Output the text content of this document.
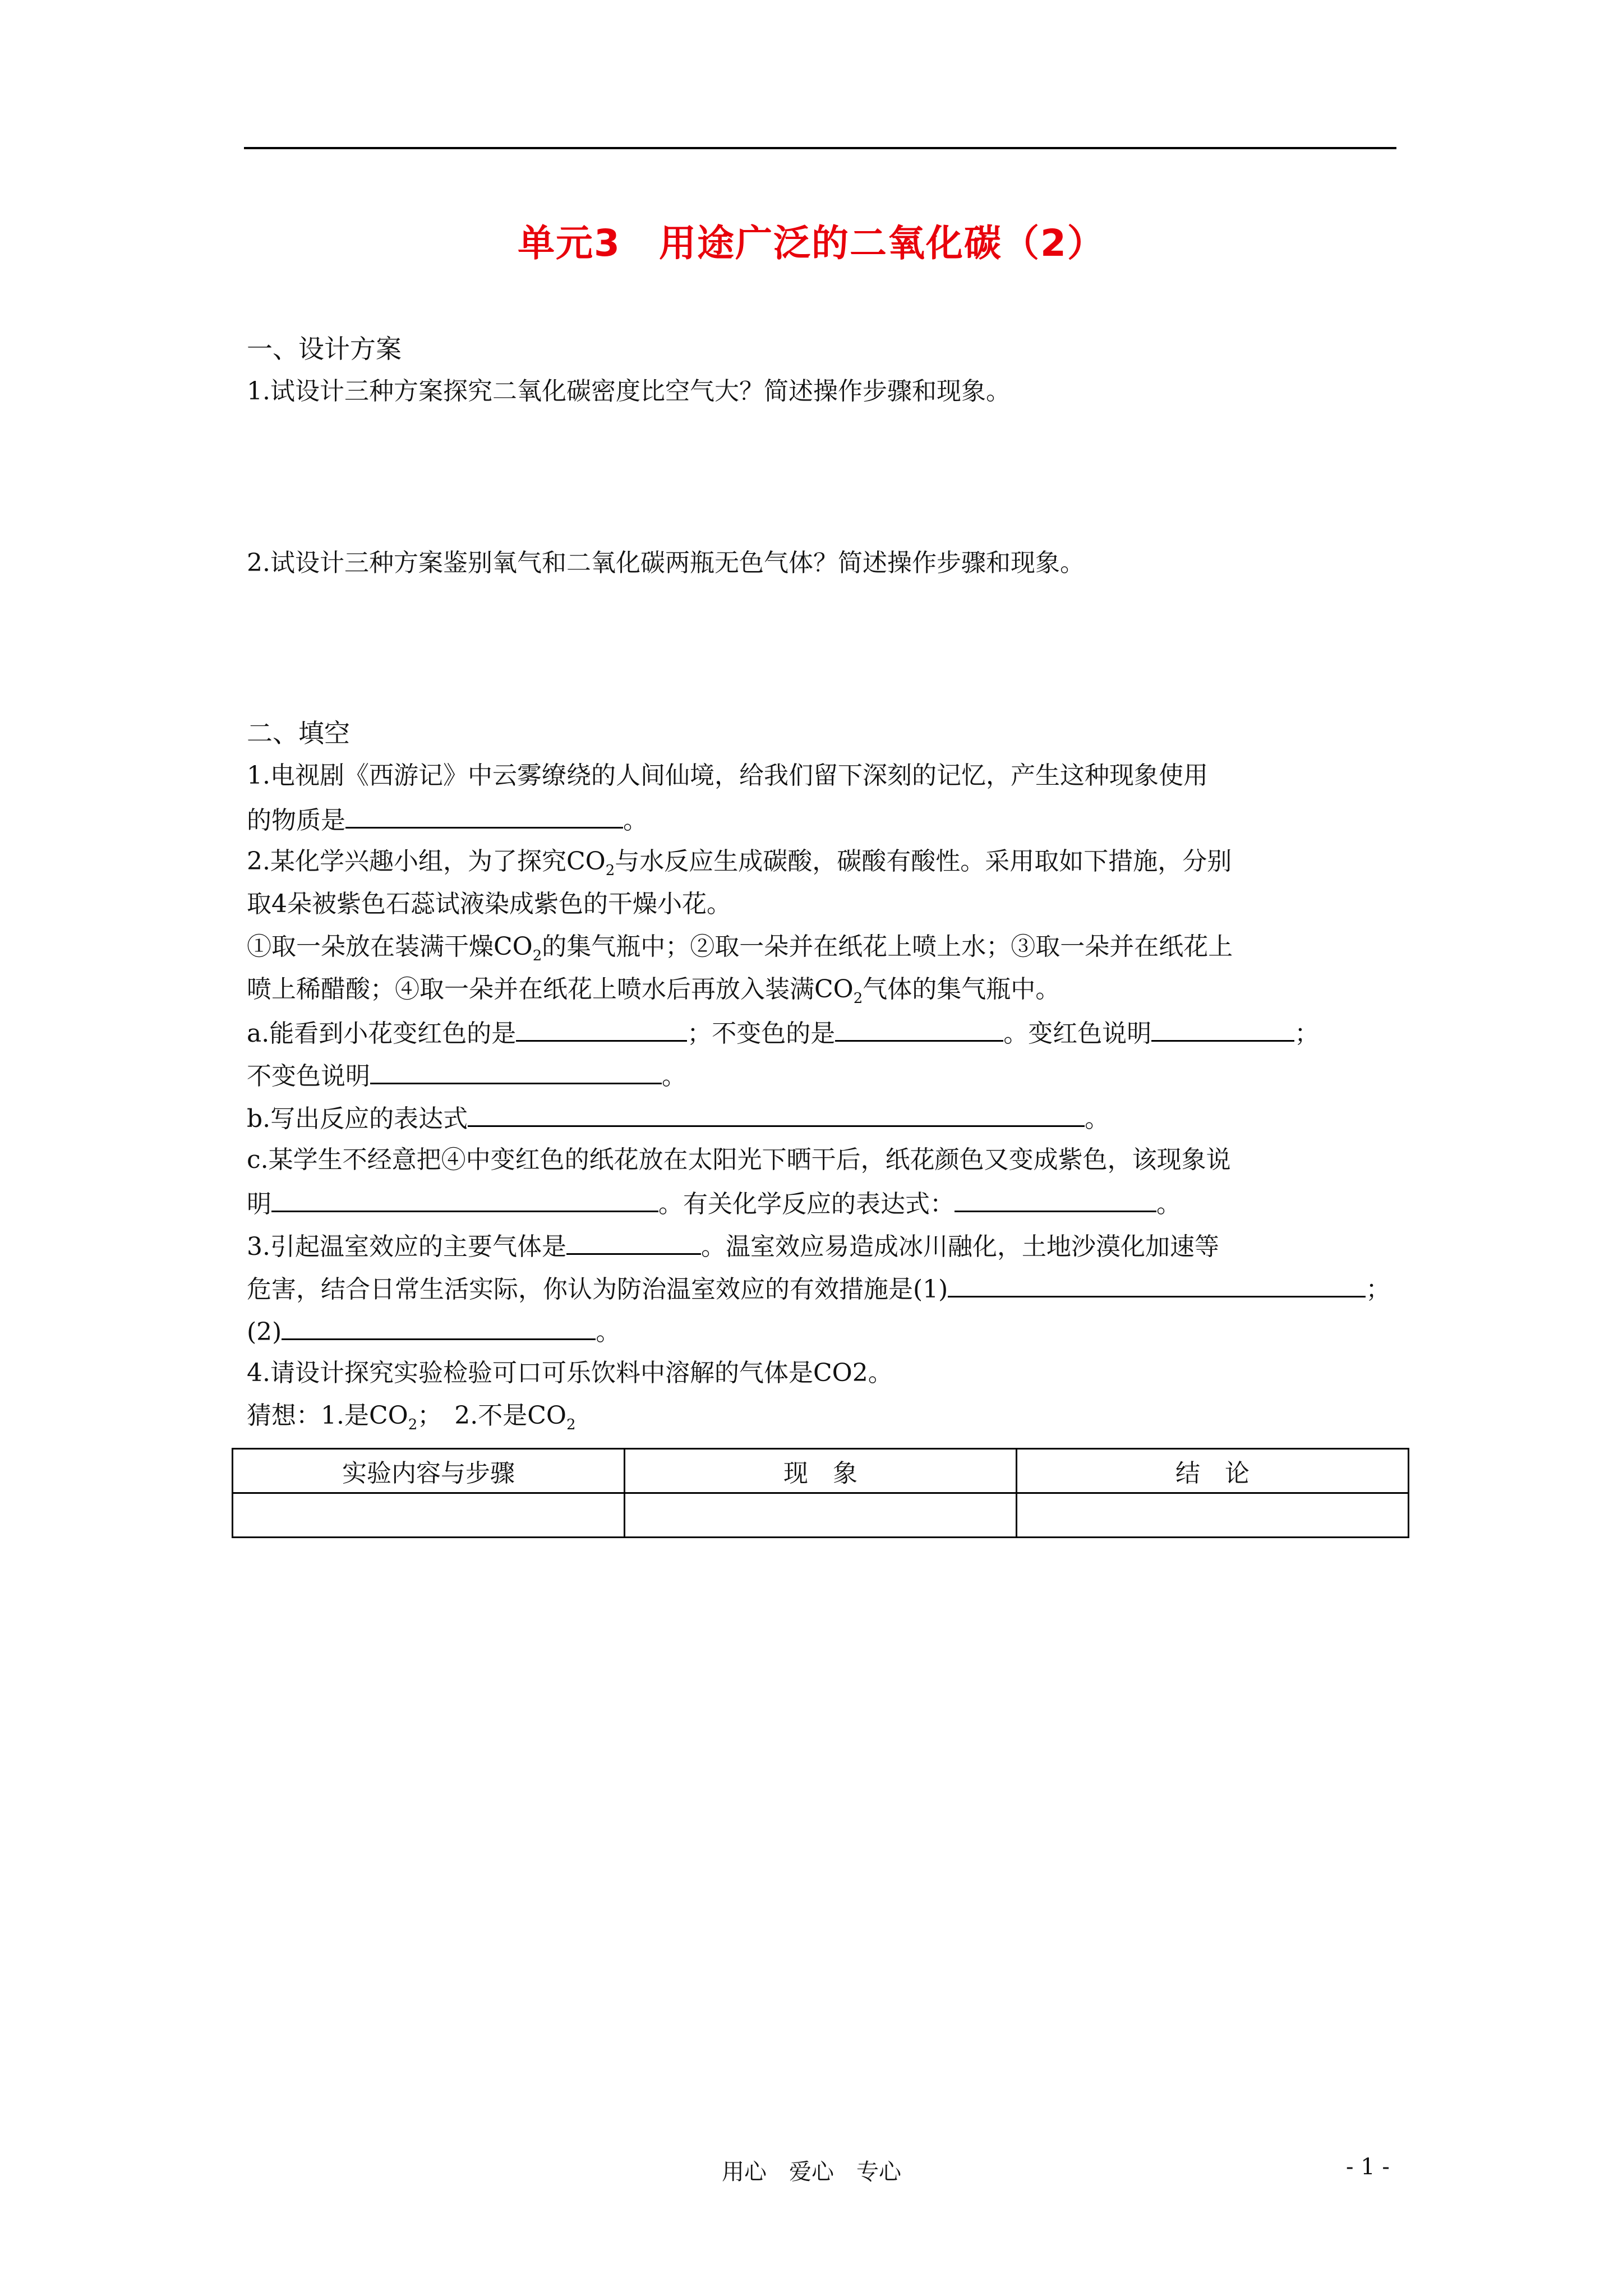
单元3　用途广泛的二氧化碳（2）
一、设计方案
1.试设计三种方案探究二氧化碳密度比空气大？简述操作步骤和现象。
2.试设计三种方案鉴别氧气和二氧化碳两瓶无色气体？简述操作步骤和现象。
二、填空
1.电视剧《西游记》中云雾缭绕的人间仙境，给我们留下深刻的记忆，产生这种现象使用
的物质是	。
2.某化学兴趣小组，为了探究$CO_2$与水反应生成碳酸，碳酸有酸性。采用取如下措施，分别
取4朵被紫色石蕊试液染成紫色的干燥小花。
①取一朵放在装满干燥$CO_2$的集气瓶中；②取一朵并在纸花上喷上水；③取一朵并在纸花上
喷上稀醋酸；④取一朵并在纸花上喷水后再放入装满$CO_2$气体的集气瓶中。
a.能看到小花变红色的是	；不变色的是	。变红色说明	；
不变色说明	。
b.写出反应的表达式	。
c.某学生不经意把④中变红色的纸花放在太阳光下晒干后，纸花颜色又变成紫色，该现象说
明	。有关化学反应的表达式：	。
3.引起温室效应的主要气体是	。温室效应易造成冰川融化，土地沙漠化加速等
危害，结合日常生活实际，你认为防治温室效应的有效措施是(1)	；
(2)	。
4.请设计探究实验检验可口可乐饮料中溶解的气体是CO2。
猜想：1.是$CO_2$；　2.不是$CO_2$
实验内容与步骤	现　象	结　论

用心　爱心　专心	- 1 -
